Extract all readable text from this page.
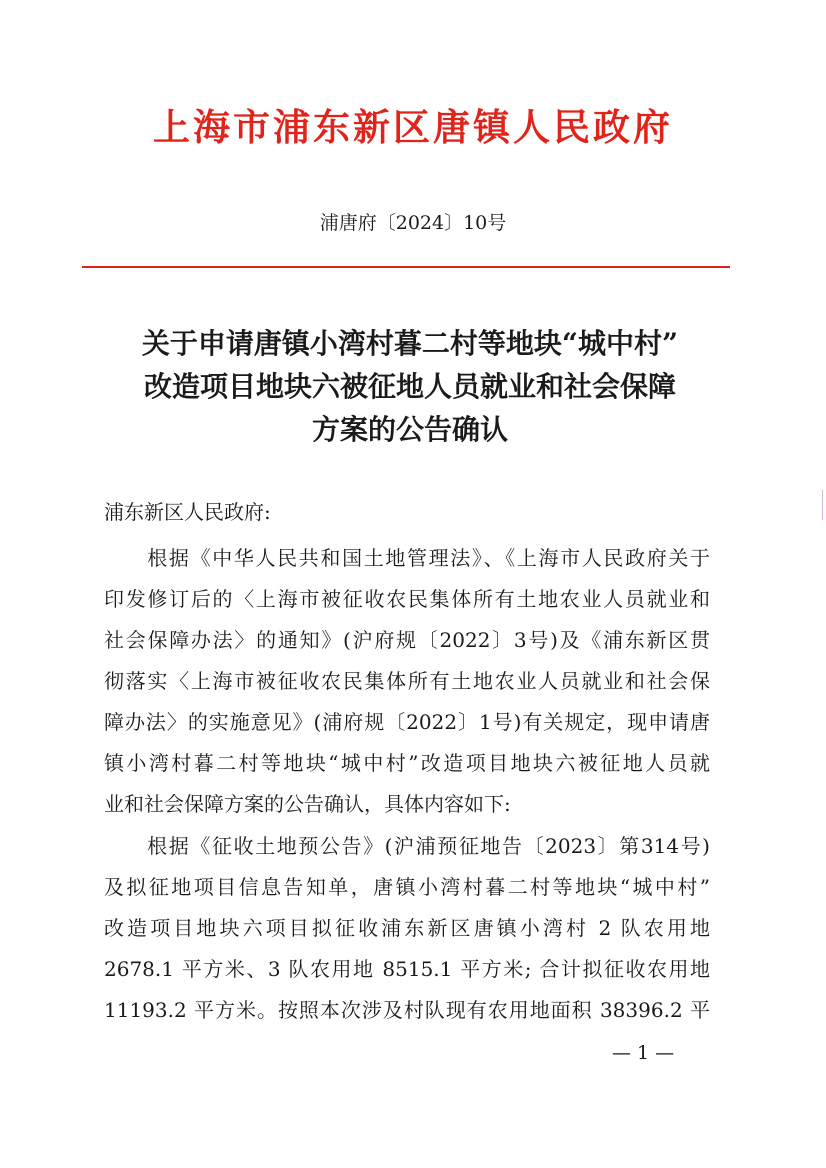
上海市浦东新区唐镇人民政府
浦唐府〔2024〕10号
关于申请唐镇小湾村暮二村等地块“城中村”
改造项目地块六被征地人员就业和社会保障
方案的公告确认
浦东新区人民政府:
　　根据《中华人民共和国土地管理法》、《上海市人民政府关于
印发修订后的〈上海市被征收农民集体所有土地农业人员就业和
社会保障办法〉的通知》(沪府规〔2022〕3号)及《浦东新区贯
彻落实〈上海市被征收农民集体所有土地农业人员就业和社会保
障办法〉的实施意见》(浦府规〔2022〕1号)有关规定，现申请唐
镇小湾村暮二村等地块“城中村”改造项目地块六被征地人员就
业和社会保障方案的公告确认，具体内容如下:
　　根据《征收土地预公告》(沪浦预征地告〔2023〕第314号)
及拟征地项目信息告知单，唐镇小湾村暮二村等地块“城中村”
改造项目地块六项目拟征收浦东新区唐镇小湾村 2 队农用地
2678.1 平方米、3 队农用地 8515.1 平方米; 合计拟征收农用地
11193.2 平方米。按照本次涉及村队现有农用地面积 38396.2 平
— 1 —
